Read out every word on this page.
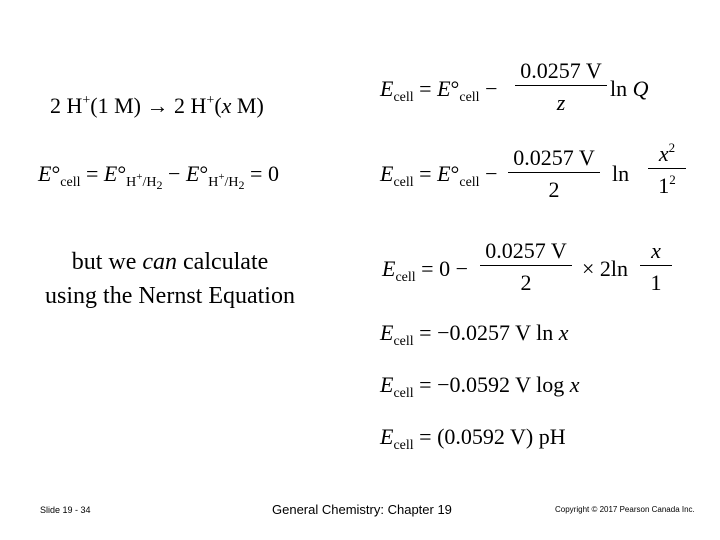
2 H+(1 M) → 2 H+(x M)
$E^\circ_{cell} = E^\circ_{H^+/H2} - E^\circ_{H^+/H2} = 0$
but we can calculate
using the Nernst Equation
$E_{cell} = E^\circ_{cell}$ −
0.0257 V
z
ln Q
$E_{cell} = E^\circ_{cell}$ −
0.0257 V
2
ln
$x^2$
$1^2$
$E_{cell} = 0$ −
0.0257 V
2
× 2ln
x
1
$E_{cell} = -0.0257$ V ln x
$E_{cell} = -0.0592$ V log x
$E_{cell} = (0.0592$ V) pH
Slide 19 - 34	General Chemistry: Chapter 19	Copyright © 2017 Pearson Canada Inc.
